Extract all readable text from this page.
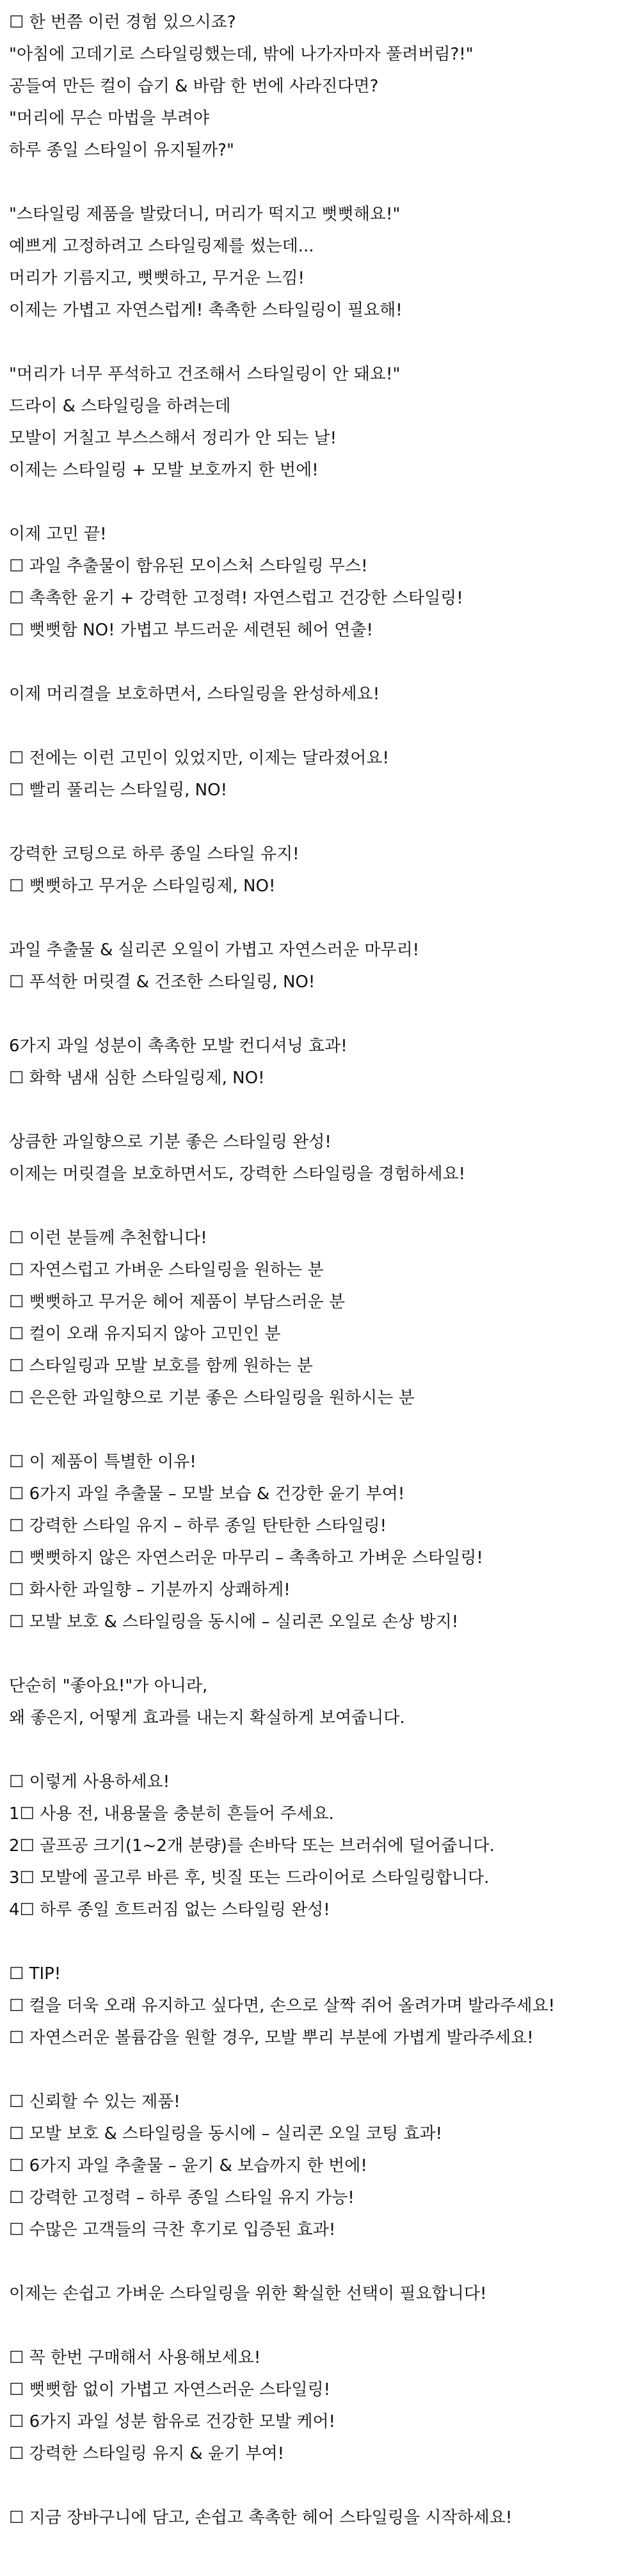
☐ 한 번쯤 이런 경험 있으시죠?
"아침에 고데기로 스타일링했는데, 밖에 나가자마자 풀려버림?!"
공들여 만든 컬이 습기 & 바람 한 번에 사라진다면?
"머리에 무슨 마법을 부려야
하루 종일 스타일이 유지될까?"
"스타일링 제품을 발랐더니, 머리가 떡지고 뻣뻣해요!"
예쁘게 고정하려고 스타일링제를 썼는데...
머리가 기름지고, 뻣뻣하고, 무거운 느낌!
이제는 가볍고 자연스럽게! 촉촉한 스타일링이 필요해!
"머리가 너무 푸석하고 건조해서 스타일링이 안 돼요!"
드라이 & 스타일링을 하려는데
모발이 거칠고 부스스해서 정리가 안 되는 날!
이제는 스타일링 + 모발 보호까지 한 번에!
이제 고민 끝!
☐ 과일 추출물이 함유된 모이스처 스타일링 무스!
☐ 촉촉한 윤기 + 강력한 고정력! 자연스럽고 건강한 스타일링!
☐ 뻣뻣함 NO! 가볍고 부드러운 세련된 헤어 연출!
이제 머리결을 보호하면서, 스타일링을 완성하세요!
☐ 전에는 이런 고민이 있었지만, 이제는 달라졌어요!
☐ 빨리 풀리는 스타일링, NO!
강력한 코팅으로 하루 종일 스타일 유지!
☐ 뻣뻣하고 무거운 스타일링제, NO!
과일 추출물 & 실리콘 오일이 가볍고 자연스러운 마무리!
☐ 푸석한 머릿결 & 건조한 스타일링, NO!
6가지 과일 성분이 촉촉한 모발 컨디셔닝 효과!
☐ 화학 냄새 심한 스타일링제, NO!
상큼한 과일향으로 기분 좋은 스타일링 완성!
이제는 머릿결을 보호하면서도, 강력한 스타일링을 경험하세요!
☐ 이런 분들께 추천합니다!
☐ 자연스럽고 가벼운 스타일링을 원하는 분
☐ 뻣뻣하고 무거운 헤어 제품이 부담스러운 분
☐ 컬이 오래 유지되지 않아 고민인 분
☐ 스타일링과 모발 보호를 함께 원하는 분
☐ 은은한 과일향으로 기분 좋은 스타일링을 원하시는 분
☐ 이 제품이 특별한 이유!
☐ 6가지 과일 추출물 – 모발 보습 & 건강한 윤기 부여!
☐ 강력한 스타일 유지 – 하루 종일 탄탄한 스타일링!
☐ 뻣뻣하지 않은 자연스러운 마무리 – 촉촉하고 가벼운 스타일링!
☐ 화사한 과일향 – 기분까지 상쾌하게!
☐ 모발 보호 & 스타일링을 동시에 – 실리콘 오일로 손상 방지!
단순히 "좋아요!"가 아니라,
왜 좋은지, 어떻게 효과를 내는지 확실하게 보여줍니다.
☐ 이렇게 사용하세요!
1☐ 사용 전, 내용물을 충분히 흔들어 주세요.
2☐ 골프공 크기(1~2개 분량)를 손바닥 또는 브러쉬에 덜어줍니다.
3☐ 모발에 골고루 바른 후, 빗질 또는 드라이어로 스타일링합니다.
4☐ 하루 종일 흐트러짐 없는 스타일링 완성!
☐ TIP!
☐ 컬을 더욱 오래 유지하고 싶다면, 손으로 살짝 쥐어 올려가며 발라주세요!
☐ 자연스러운 볼륨감을 원할 경우, 모발 뿌리 부분에 가볍게 발라주세요!
☐ 신뢰할 수 있는 제품!
☐ 모발 보호 & 스타일링을 동시에 – 실리콘 오일 코팅 효과!
☐ 6가지 과일 추출물 – 윤기 & 보습까지 한 번에!
☐ 강력한 고정력 – 하루 종일 스타일 유지 가능!
☐ 수많은 고객들의 극찬 후기로 입증된 효과!
이제는 손쉽고 가벼운 스타일링을 위한 확실한 선택이 필요합니다!
☐ 꼭 한번 구매해서 사용해보세요!
☐ 뻣뻣함 없이 가볍고 자연스러운 스타일링!
☐ 6가지 과일 성분 함유로 건강한 모발 케어!
☐ 강력한 스타일링 유지 & 윤기 부여!
☐ 지금 장바구니에 담고, 손쉽고 촉촉한 헤어 스타일링을 시작하세요!
